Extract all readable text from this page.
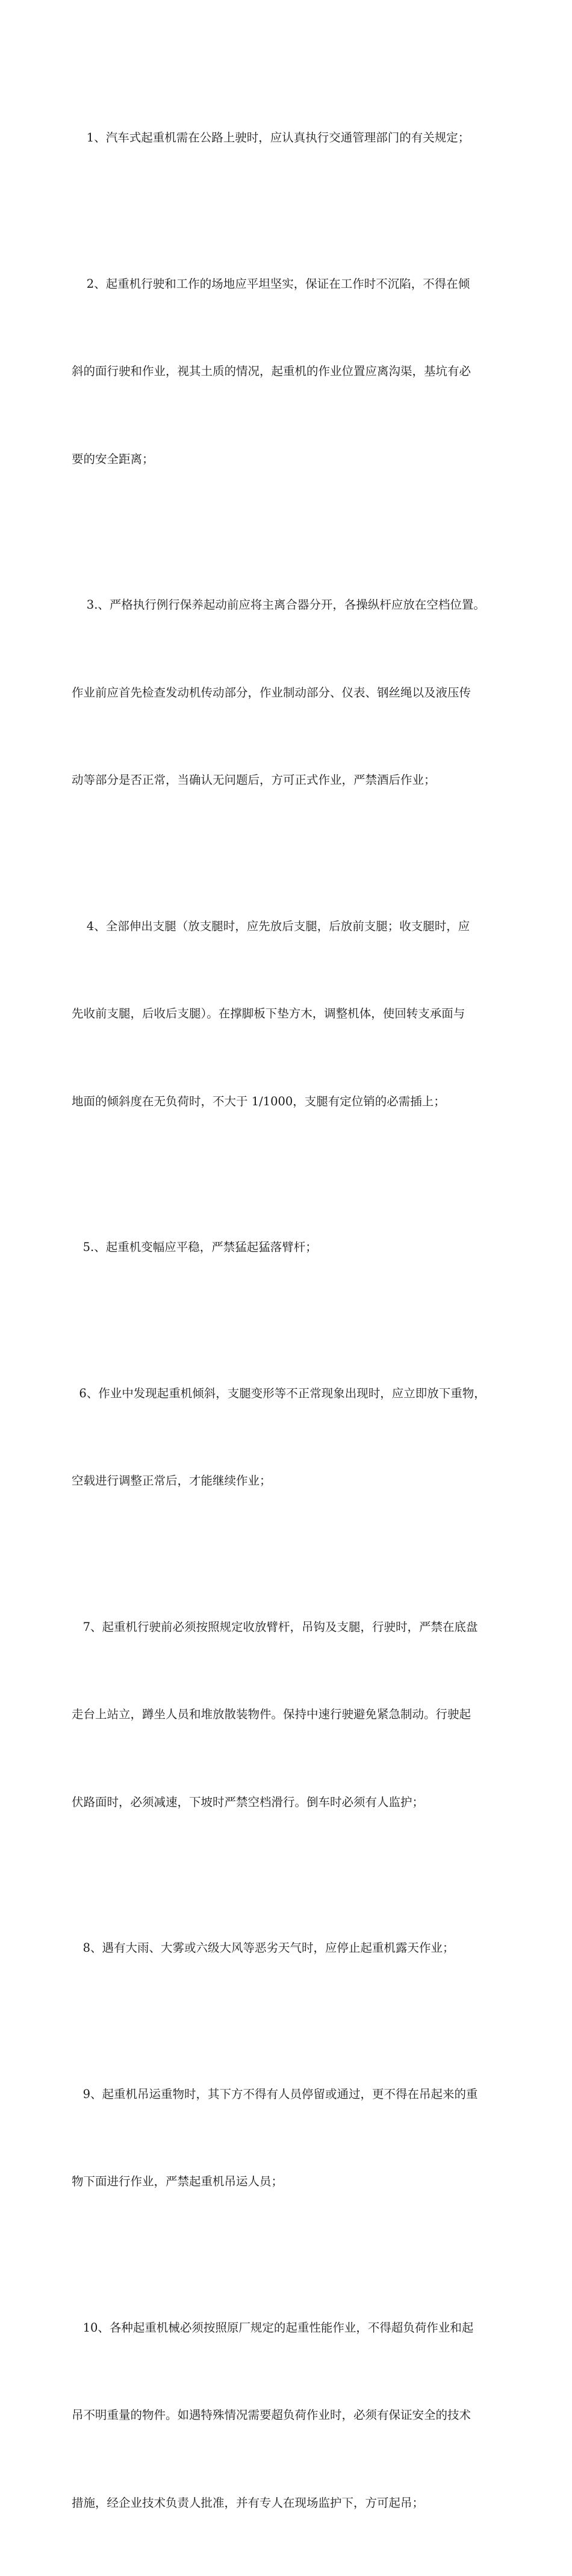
1、汽车式起重机需在公路上驶时，应认真执行交通管理部门的有关规定；

2、起重机行驶和工作的场地应平坦坚实，保证在工作时不沉陷，不得在倾

斜的面行驶和作业，视其土质的情况，起重机的作业位置应离沟渠，基坑有必

要的安全距离；

3.、严格执行例行保养起动前应将主离合器分开，各操纵杆应放在空档位置。

作业前应首先检查发动机传动部分，作业制动部分、仪表、钢丝绳以及液压传

动等部分是否正常，当确认无问题后，方可正式作业，严禁酒后作业；

4、全部伸出支腿（放支腿时，应先放后支腿，后放前支腿；收支腿时，应

先收前支腿，后收后支腿）。在撑脚板下垫方木，调整机体，使回转支承面与

地面的倾斜度在无负荷时，不大于 1/1000，支腿有定位销的必需插上；

5.、起重机变幅应平稳，严禁猛起猛落臂杆；

6、作业中发现起重机倾斜，支腿变形等不正常现象出现时，应立即放下重物，

空载进行调整正常后，才能继续作业；

7、起重机行驶前必须按照规定收放臂杆，吊钩及支腿，行驶时，严禁在底盘

走台上站立，蹲坐人员和堆放散装物件。保持中速行驶避免紧急制动。行驶起

伏路面时，必须减速，下坡时严禁空档滑行。倒车时必须有人监护；

8、遇有大雨、大雾或六级大风等恶劣天气时，应停止起重机露天作业；

9、起重机吊运重物时，其下方不得有人员停留或通过，更不得在吊起来的重

物下面进行作业，严禁起重机吊运人员；

10、各种起重机械必须按照原厂规定的起重性能作业，不得超负荷作业和起

吊不明重量的物件。如遇特殊情况需要超负荷作业时，必须有保证安全的技术

措施，经企业技术负责人批准，并有专人在现场监护下，方可起吊；
